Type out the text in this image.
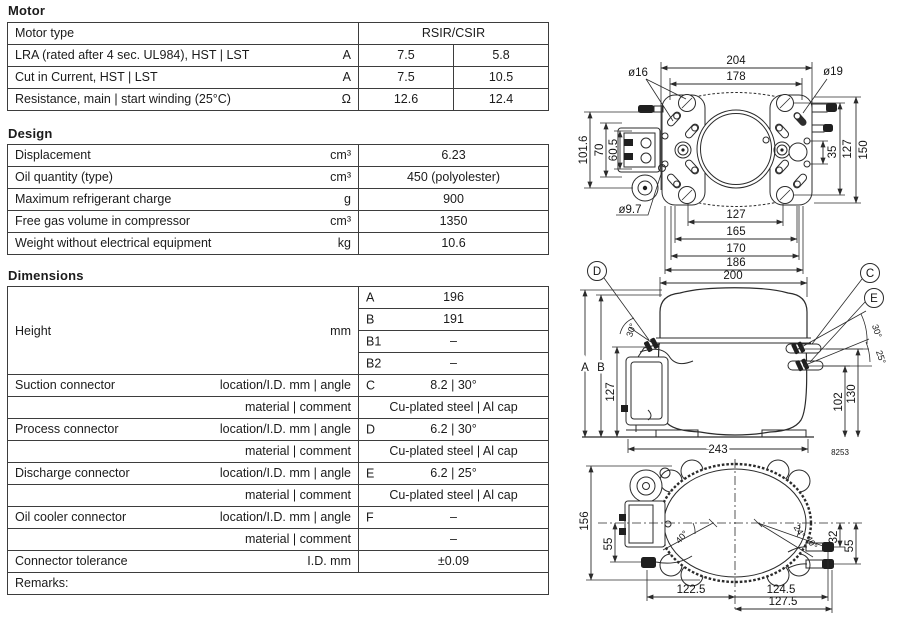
Motor
Motor type	RSIR/CSIR	

LRA (rated after 4 sec. UL984), HST | LST A	7.5	5.8

Cut in Current, HST | LST A	7.5	10.5

Resistance, main | start winding (25°C) Ω	12.6	12.4
Design
Displacement cm³	6.23

Oil quantity (type) cm³	450 (polyolester)

Maximum refrigerant charge g	900

Free gas volume in compressor cm³	1350

Weight without electrical equipment kg	10.6
Dimensions
Height mm	A 196

	B 191

	B1 –

	B2 –

Suction connector location/I.D. mm | angle	C 8.2 | 30°

material | comment	Cu-plated steel | Al cap

Process connector location/I.D. mm | angle	D 6.2 | 30°

material | comment	Cu-plated steel | Al cap

Discharge connector location/I.D. mm | angle	E 6.2 | 25°

material | comment	Cu-plated steel | Al cap

Oil cooler connector location/I.D. mm | angle	F –

material | comment	–

Connector tolerance I.D. mm	±0.09
Remarks:	
204
178
ø16	ø19
101.6 70 60.5	35 127 150
127
165
170
186
ø9.7
200
30°	30°
25°
D	C
E
A B
127
102 130
243	8253
40°	24°
40°
156
55
32
55
122.5	124.5
127.5
